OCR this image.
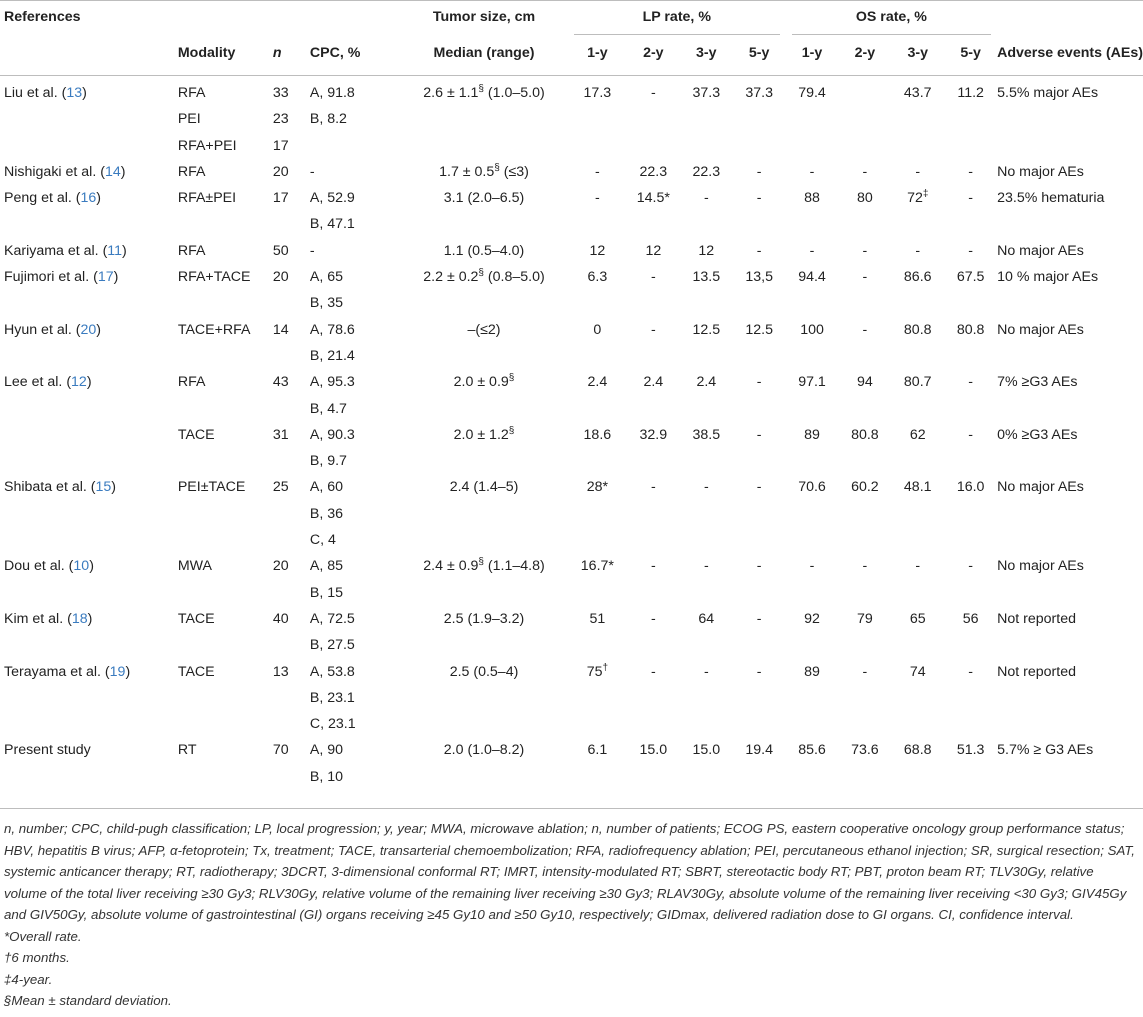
References				Tumor size, cm	LP rate, %				OS rate, %				

	Modality	n	CPC, %	Median (range)	1-y	2-y	3-y	5-y	1-y	2-y	3-y	5-y	Adverse events (AEs)
Liu et al. (13)	RFA	33	A, 91.8	2.6 ± 1.1§ (1.0–5.0)	17.3	-	37.3	37.3	79.4		43.7	11.2	5.5% major AEs
	PEI	23	B, 8.2										
	RFA+PEI	17											
Nishigaki et al. (14)	RFA	20	-	1.7 ± 0.5§ (≤3)	-	22.3	22.3	-	-	-	-	-	No major AEs
Peng et al. (16)	RFA±PEI	17	A, 52.9	3.1 (2.0–6.5)	-	14.5*	-	-	88	80	72‡	-	23.5% hematuria
			B, 47.1										
Kariyama et al. (11)	RFA	50	-	1.1 (0.5–4.0)	12	12	12	-	-	-	-	-	No major AEs
Fujimori et al. (17)	RFA+TACE	20	A, 65	2.2 ± 0.2§ (0.8–5.0)	6.3	-	13.5	13,5	94.4	-	86.6	67.5	10 % major AEs
			B, 35										
Hyun et al. (20)	TACE+RFA	14	A, 78.6	–(≤2)	0	-	12.5	12.5	100	-	80.8	80.8	No major AEs
			B, 21.4										
Lee et al. (12)	RFA	43	A, 95.3	2.0 ± 0.9§	2.4	2.4	2.4	-	97.1	94	80.7	-	7% ≥G3 AEs
			B, 4.7										
	TACE	31	A, 90.3	2.0 ± 1.2§	18.6	32.9	38.5	-	89	80.8	62	-	0% ≥G3 AEs
			B, 9.7										
Shibata et al. (15)	PEI±TACE	25	A, 60	2.4 (1.4–5)	28*	-	-	-	70.6	60.2	48.1	16.0	No major AEs
			B, 36										
			C, 4										
Dou et al. (10)	MWA	20	A, 85	2.4 ± 0.9§ (1.1–4.8)	16.7*	-	-	-	-	-	-	-	No major AEs
			B, 15										
Kim et al. (18)	TACE	40	A, 72.5	2.5 (1.9–3.2)	51	-	64	-	92	79	65	56	Not reported
			B, 27.5										
Terayama et al. (19)	TACE	13	A, 53.8	2.5 (0.5–4)	75†	-	-	-	89	-	74	-	Not reported
			B, 23.1										
			C, 23.1										
Present study	RT	70	A, 90	2.0 (1.0–8.2)	6.1	15.0	15.0	19.4	85.6	73.6	68.8	51.3	5.7% ≥ G3 AEs
			B, 10										

n, number; CPC, child-pugh classification; LP, local progression; y, year; MWA, microwave ablation; n, number of patients; ECOG PS, eastern cooperative oncology group performance status; HBV, hepatitis B virus; AFP, α-fetoprotein; Tx, treatment; TACE, transarterial chemoembolization; RFA, radiofrequency ablation; PEI, percutaneous ethanol injection; SR, surgical resection; SAT, systemic anticancer therapy; RT, radiotherapy; 3DCRT, 3-dimensional conformal RT; IMRT, intensity-modulated RT; SBRT, stereotactic body RT; PBT, proton beam RT; TLV30Gy, relative volume of the total liver receiving ≥30 Gy3; RLV30Gy, relative volume of the remaining liver receiving ≥30 Gy3; RLAV30Gy, absolute volume of the remaining liver receiving <30 Gy3; GIV45Gy and GIV50Gy, absolute volume of gastrointestinal (GI) organs receiving ≥45 Gy10 and ≥50 Gy10, respectively; GIDmax, delivered radiation dose to GI organs. CI, confidence interval.

*Overall rate.

†6 months.

‡4-year.

§Mean ± standard deviation.
